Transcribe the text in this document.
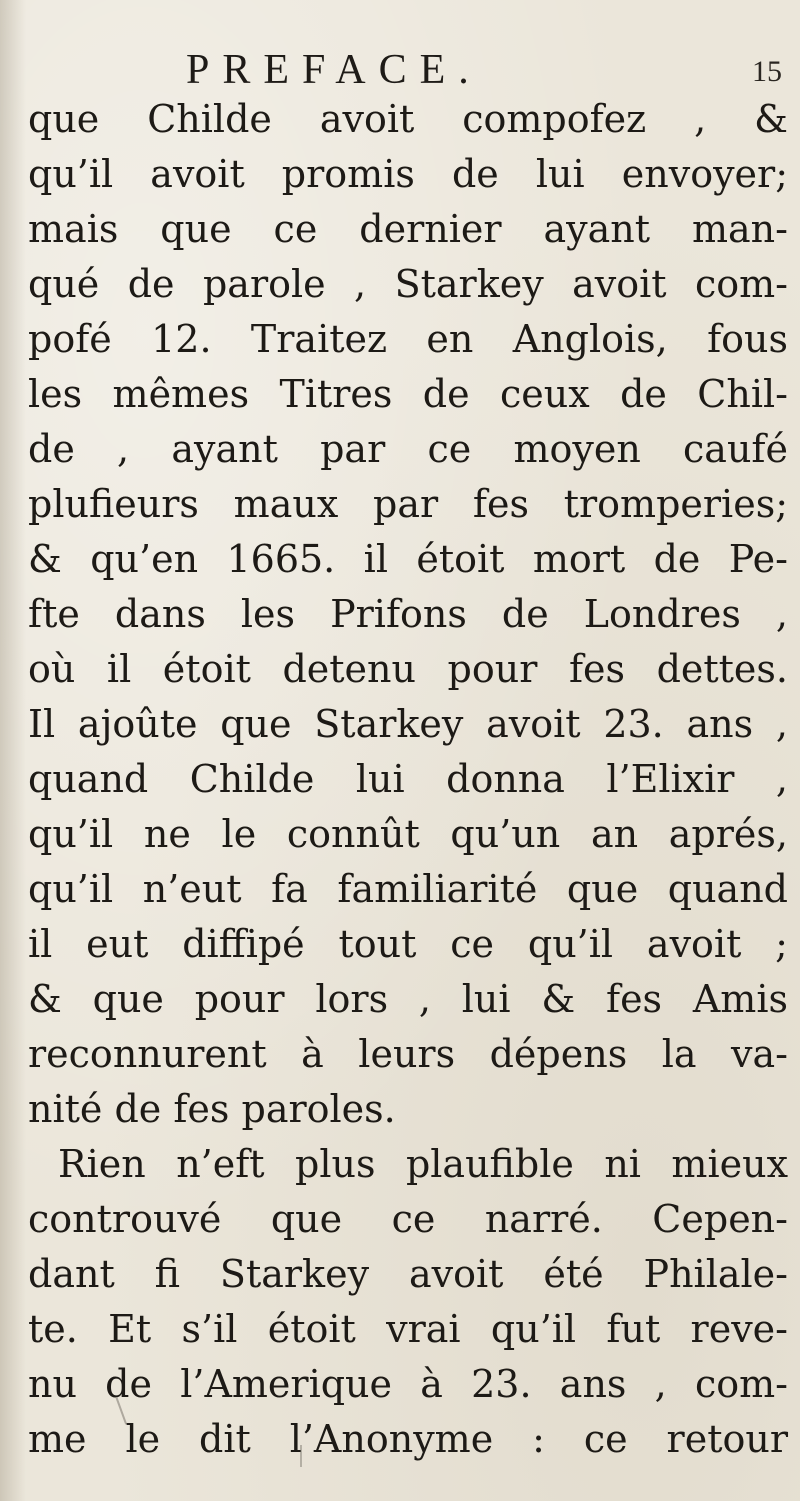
PREFACE.	15
que Childe avoit compofez , &
qu’il avoit promis de lui envoyer;
mais que ce dernier ayant man-
qué de parole , Starkey avoit com-
pofé 12. Traitez en Anglois, fous
les mêmes Titres de ceux de Chil-
de , ayant par ce moyen caufé
plufieurs maux par fes tromperies;
& qu’en 1665. il étoit mort de Pe-
fte dans les Prifons de Londres ,
où il étoit detenu pour fes dettes.
Il ajoûte que Starkey avoit 23. ans ,
quand Childe lui donna l’Elixir ,
qu’il ne le connût qu’un an aprés,
qu’il n’eut fa familiarité que quand
il eut diffipé tout ce qu’il avoit ;
& que pour lors , lui & fes Amis
reconnurent à leurs dépens la va-
nité de fes paroles.
Rien n’eft plus plaufible ni mieux
controuvé que ce narré. Cepen-
dant fi Starkey avoit été Philale-
te. Et s’il étoit vrai qu’il fut reve-
nu de l’Amerique à 23. ans , com-
me le dit l’Anonyme : ce retour
